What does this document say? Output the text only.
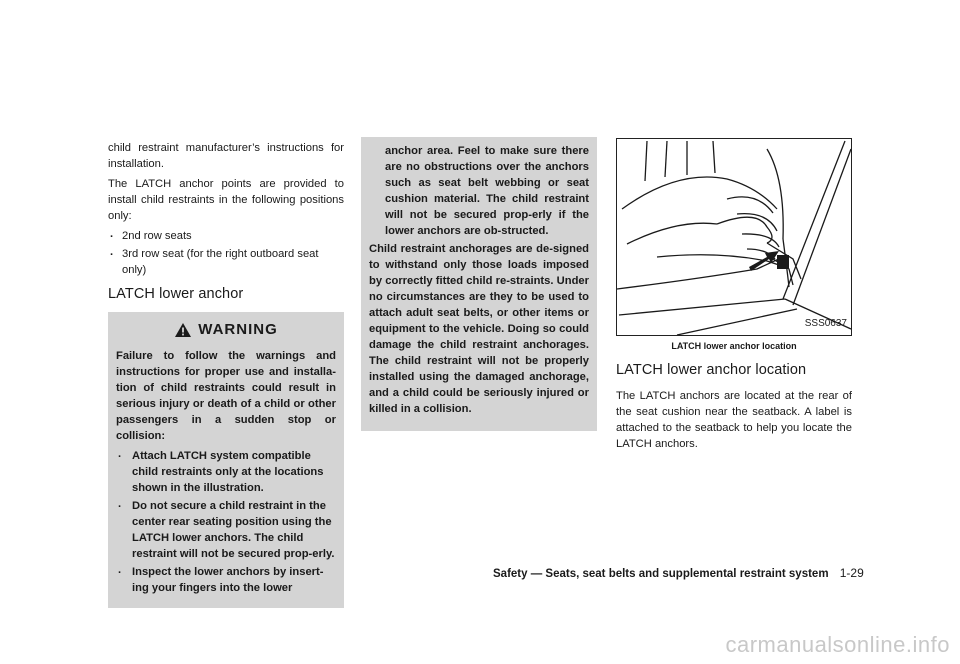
child restraint manufacturer’s instructions for installation.

The LATCH anchor points are provided to install child restraints in the following positions only:

. 2nd row seats
. 3rd row seat (for the right outboard seat only)
LATCH lower anchor
WARNING

Failure to follow the warnings and instructions for proper use and installa-tion of child restraints could result in serious injury or death of a child or other passengers in a sudden stop or collision:

. Attach LATCH system compatible child restraints only at the locations shown in the illustration.
. Do not secure a child restraint in the center rear seating position using the LATCH lower anchors. The child restraint will not be secured prop-erly.
. Inspect the lower anchors by insert-ing your fingers into the lower

anchor area. Feel to make sure there are no obstructions over the anchors such as seat belt webbing or seat cushion material. The child restraint will not be secured prop-erly if the lower anchors are ob-structed.

Child restraint anchorages are de-signed to withstand only those loads imposed by correctly fitted child re-straints. Under no circumstances are they to be used to attach adult seat belts, or other items or equipment to the vehicle. Doing so could damage the child restraint anchorages. The child restraint will not be properly installed using the damaged anchorage, and a child could be seriously injured or killed in a collision.

SSS0637
LATCH lower anchor location
LATCH lower anchor location

The LATCH anchors are located at the rear of the seat cushion near the seatback. A label is attached to the seatback to help you locate the LATCH anchors.

Safety — Seats, seat belts and supplemental restraint system 1-29
carmanualsonline.info
